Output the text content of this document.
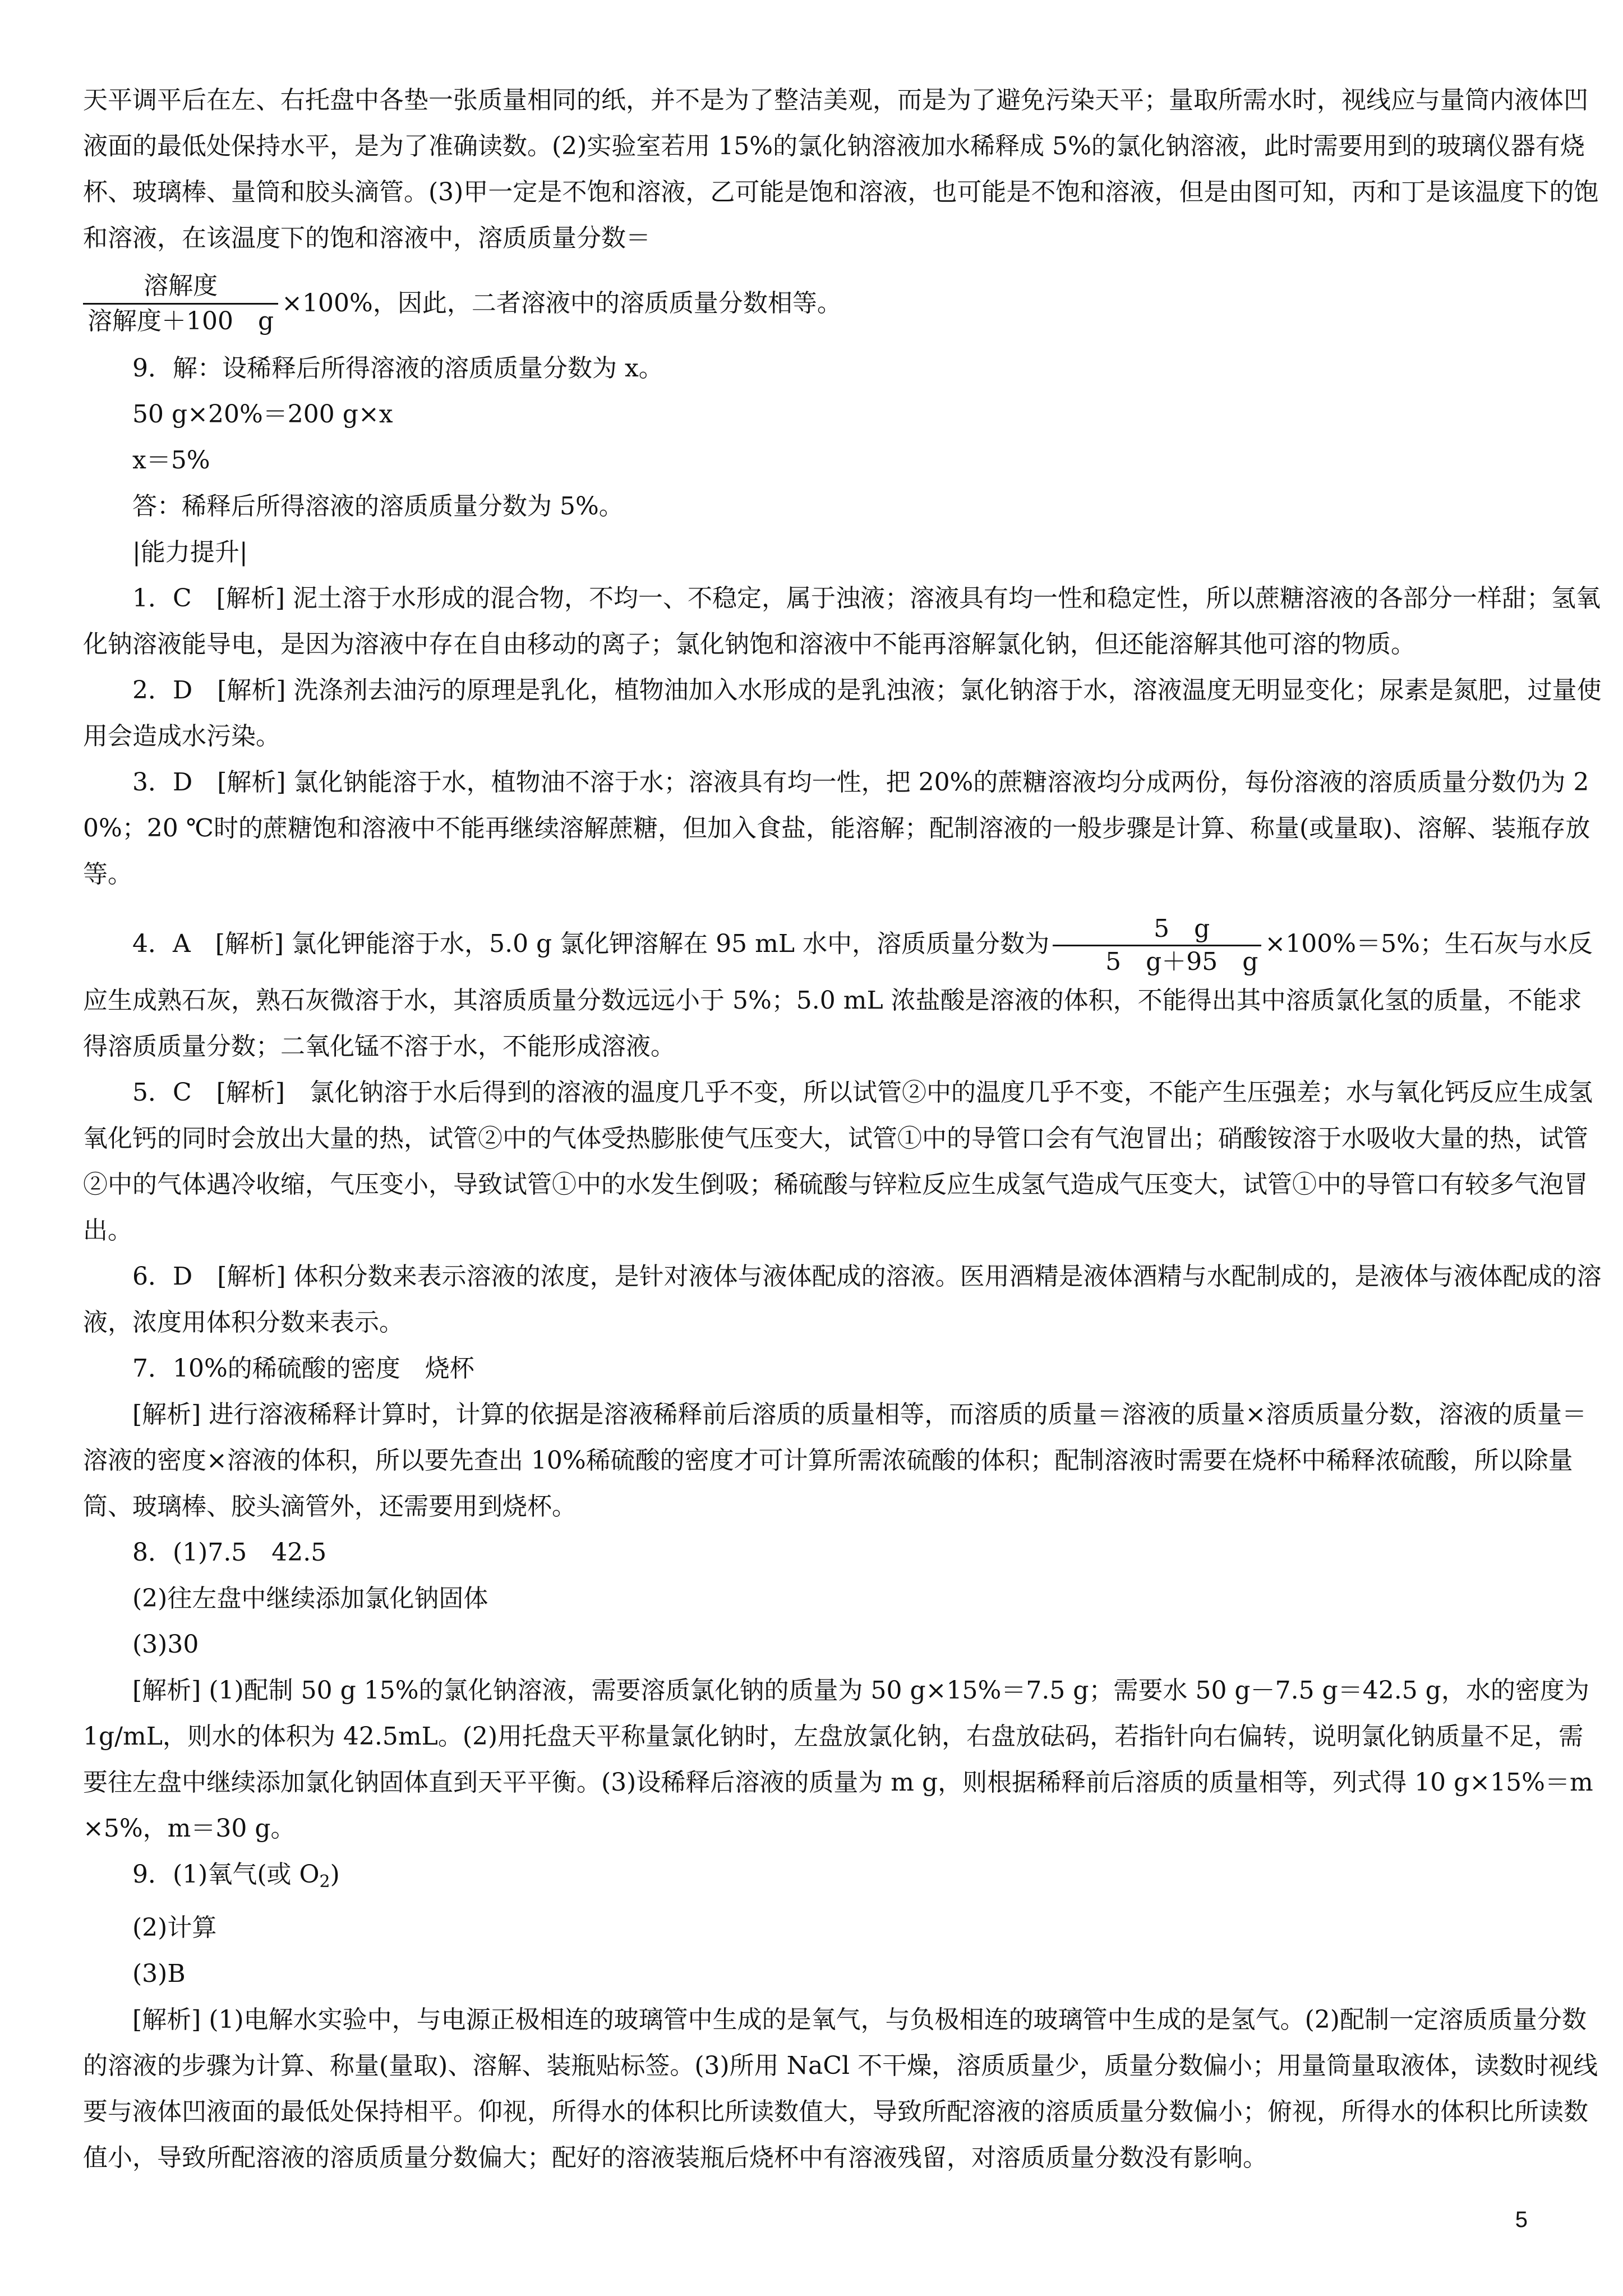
天平调平后在左、右托盘中各垫一张质量相同的纸，并不是为了整洁美观，而是为了避免污染天平；量取所需水时，视线应与量筒内液体凹液面的最低处保持水平，是为了准确读数。(2)实验室若用 15%的氯化钠溶液加水稀释成 5%的氯化钠溶液，此时需要用到的玻璃仪器有烧杯、玻璃棒、量筒和胶头滴管。(3)甲一定是不饱和溶液，乙可能是饱和溶液，也可能是不饱和溶液，但是由图可知，丙和丁是该温度下的饱和溶液，在该温度下的饱和溶液中，溶质质量分数＝

$\frac{\text{溶解度}}{\text{溶解度＋100　g}} \times 100\%$，因此，二者溶液中的溶质质量分数相等。
9．解：设稀释后所得溶液的溶质质量分数为 x。
50 g×20%＝200 g×x
x＝5%
答：稀释后所得溶液的溶质质量分数为 5%。
|能力提升|

1．C　[解析] 泥土溶于水形成的混合物，不均一、不稳定，属于浊液；溶液具有均一性和稳定性，所以蔗糖溶液的各部分一样甜；氢氧化钠溶液能导电，是因为溶液中存在自由移动的离子；氯化钠饱和溶液中不能再溶解氯化钠，但还能溶解其他可溶的物质。

2．D　[解析] 洗涤剂去油污的原理是乳化，植物油加入水形成的是乳浊液；氯化钠溶于水，溶液温度无明显变化；尿素是氮肥，过量使用会造成水污染。

3．D　[解析] 氯化钠能溶于水，植物油不溶于水；溶液具有均一性，把 20%的蔗糖溶液均分成两份，每份溶液的溶质质量分数仍为 20%；20 ℃时的蔗糖饱和溶液中不能再继续溶解蔗糖，但加入食盐，能溶解；配制溶液的一般步骤是计算、称量(或量取)、溶解、装瓶存放等。

4．A　[解析] 氯化钾能溶于水，5.0 g 氯化钾溶解在 95 mL 水中，溶质质量分数为 $\frac{5 g}{5 g+95 g} \times 100\%=5\%$；生石灰与水反应生成熟石灰，熟石灰微溶于水，其溶质质量分数远远小于 5%；5.0 mL 浓盐酸是溶液的体积，不能得出其中溶质氯化氢的质量，不能求得溶质质量分数；二氧化锰不溶于水，不能形成溶液。

5．C　[解析]　氯化钠溶于水后得到的溶液的温度几乎不变，所以试管②中的温度几乎不变，不能产生压强差；水与氧化钙反应生成氢氧化钙的同时会放出大量的热，试管②中的气体受热膨胀使气压变大，试管①中的导管口会有气泡冒出；硝酸铵溶于水吸收大量的热，试管②中的气体遇冷收缩，气压变小，导致试管①中的水发生倒吸；稀硫酸与锌粒反应生成氢气造成气压变大，试管①中的导管口有较多气泡冒出。

6．D　[解析] 体积分数来表示溶液的浓度，是针对液体与液体配成的溶液。医用酒精是液体酒精与水配制成的，是液体与液体配成的溶液，浓度用体积分数来表示。

7．10%的稀硫酸的密度　烧杯

[解析] 进行溶液稀释计算时，计算的依据是溶液稀释前后溶质的质量相等，而溶质的质量＝溶液的质量×溶质质量分数，溶液的质量＝溶液的密度×溶液的体积，所以要先查出 10%稀硫酸的密度才可计算所需浓硫酸的体积；配制溶液时需要在烧杯中稀释浓硫酸，所以除量筒、玻璃棒、胶头滴管外，还需要用到烧杯。

8．(1)7.5　42.5
(2)往左盘中继续添加氯化钠固体
(3)30

[解析] (1)配制 50 g 15%的氯化钠溶液，需要溶质氯化钠的质量为 50 g×15%＝7.5 g；需要水 50 g－7.5 g＝42.5 g，水的密度为 1g/mL，则水的体积为 42.5mL。(2)用托盘天平称量氯化钠时，左盘放氯化钠，右盘放砝码，若指针向右偏转，说明氯化钠质量不足，需要往左盘中继续添加氯化钠固体直到天平平衡。(3)设稀释后溶液的质量为 m g，则根据稀释前后溶质的质量相等，列式得 10 g×15%＝m×5%，m＝30 g。

9．(1)氧气(或 $O_2$)
(2)计算
(3)B

[解析] (1)电解水实验中，与电源正极相连的玻璃管中生成的是氧气，与负极相连的玻璃管中生成的是氢气。(2)配制一定溶质质量分数的溶液的步骤为计算、称量(量取)、溶解、装瓶贴标签。(3)所用 NaCl 不干燥，溶质质量少，质量分数偏小；用量筒量取液体，读数时视线要与液体凹液面的最低处保持相平。仰视，所得水的体积比所读数值大，导致所配溶液的溶质质量分数偏小；俯视，所得水的体积比所读数值小，导致所配溶液的溶质质量分数偏大；配好的溶液装瓶后烧杯中有溶液残留，对溶质质量分数没有影响。

5
